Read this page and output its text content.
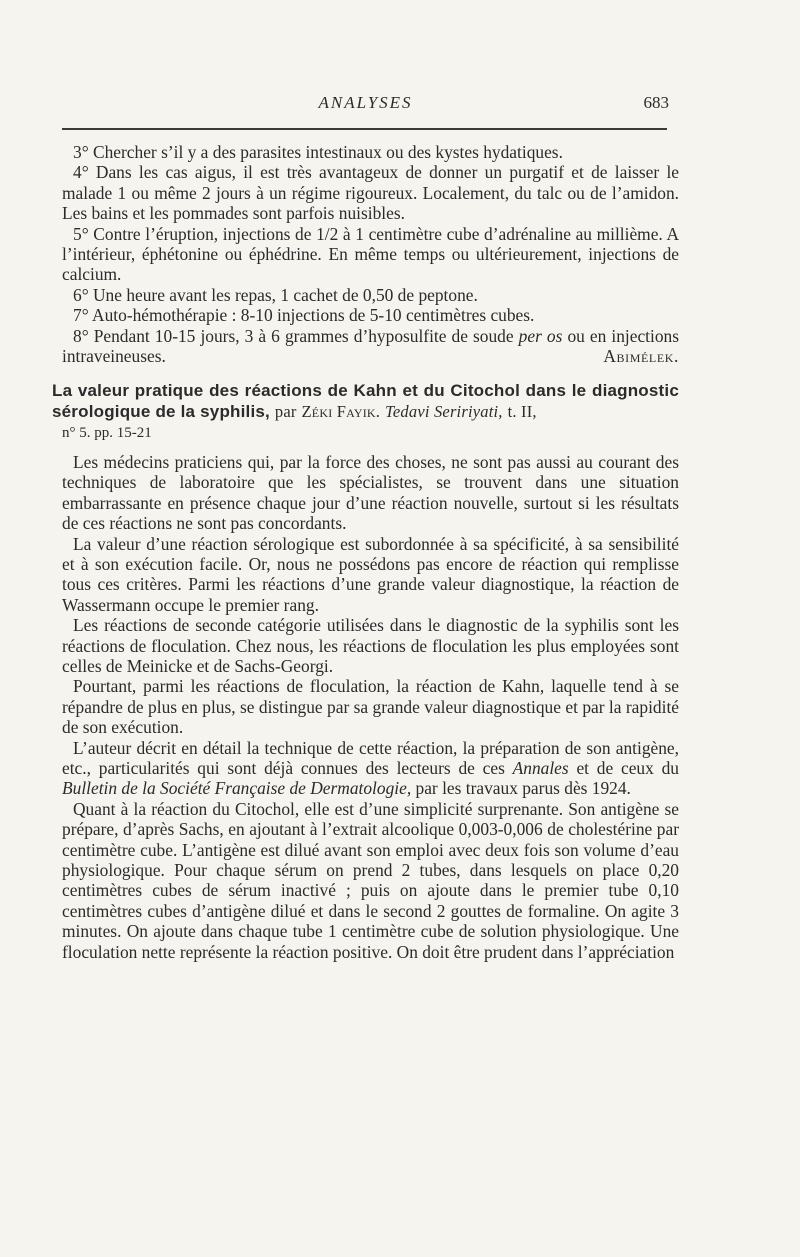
ANALYSES	683

3° Chercher s’il y a des parasites intestinaux ou des kystes hydatiques.

4° Dans les cas aigus, il est très avantageux de donner un purgatif et de laisser le malade 1 ou même 2 jours à un régime rigoureux. Localement, du talc ou de l’amidon. Les bains et les pommades sont parfois nuisibles.

5° Contre l’éruption, injections de 1/2 à 1 centimètre cube d’adrénaline au millième. A l’intérieur, éphétonine ou éphédrine. En même temps ou ultérieurement, injections de calcium.

6° Une heure avant les repas, 1 cachet de 0,50 de peptone.

7° Auto-hémothérapie : 8-10 injections de 5-10 centimètres cubes.

8° Pendant 10-15 jours, 3 à 6 grammes d’hyposulfite de soude per os ou en injections intraveineuses.	Abimélek.

La valeur pratique des réactions de Kahn et du Citochol dans le diagnostic sérologique de la syphilis, par Zéki Fayik. Tedavi Seririyati, t. II,

n° 5. pp. 15-21

Les médecins praticiens qui, par la force des choses, ne sont pas aussi au courant des techniques de laboratoire que les spécialistes, se trouvent dans une situation embarrassante en présence chaque jour d’une réaction nouvelle, surtout si les résultats de ces réactions ne sont pas concordants.

La valeur d’une réaction sérologique est subordonnée à sa spécificité, à sa sensibilité et à son exécution facile. Or, nous ne possédons pas encore de réaction qui remplisse tous ces critères. Parmi les réactions d’une grande valeur diagnostique, la réaction de Wassermann occupe le premier rang.

Les réactions de seconde catégorie utilisées dans le diagnostic de la syphilis sont les réactions de floculation. Chez nous, les réactions de floculation les plus employées sont celles de Meinicke et de Sachs-Georgi.

Pourtant, parmi les réactions de floculation, la réaction de Kahn, laquelle tend à se répandre de plus en plus, se distingue par sa grande valeur diagnostique et par la rapidité de son exécution.

L’auteur décrit en détail la technique de cette réaction, la préparation de son antigène, etc., particularités qui sont déjà connues des lecteurs de ces Annales et de ceux du Bulletin de la Société Française de Dermatologie, par les travaux parus dès 1924.

Quant à la réaction du Citochol, elle est d’une simplicité surprenante. Son antigène se prépare, d’après Sachs, en ajoutant à l’extrait alcoolique 0,003-0,006 de cholestérine par centimètre cube. L’antigène est dilué avant son emploi avec deux fois son volume d’eau physiologique. Pour chaque sérum on prend 2 tubes, dans lesquels on place 0,20 centimètres cubes de sérum inactivé ; puis on ajoute dans le premier tube 0,10 centimètres cubes d’antigène dilué et dans le second 2 gouttes de formaline. On agite 3 minutes. On ajoute dans chaque tube 1 centimètre cube de solution physiologique. Une floculation nette représente la réaction positive. On doit être prudent dans l’appréciation
